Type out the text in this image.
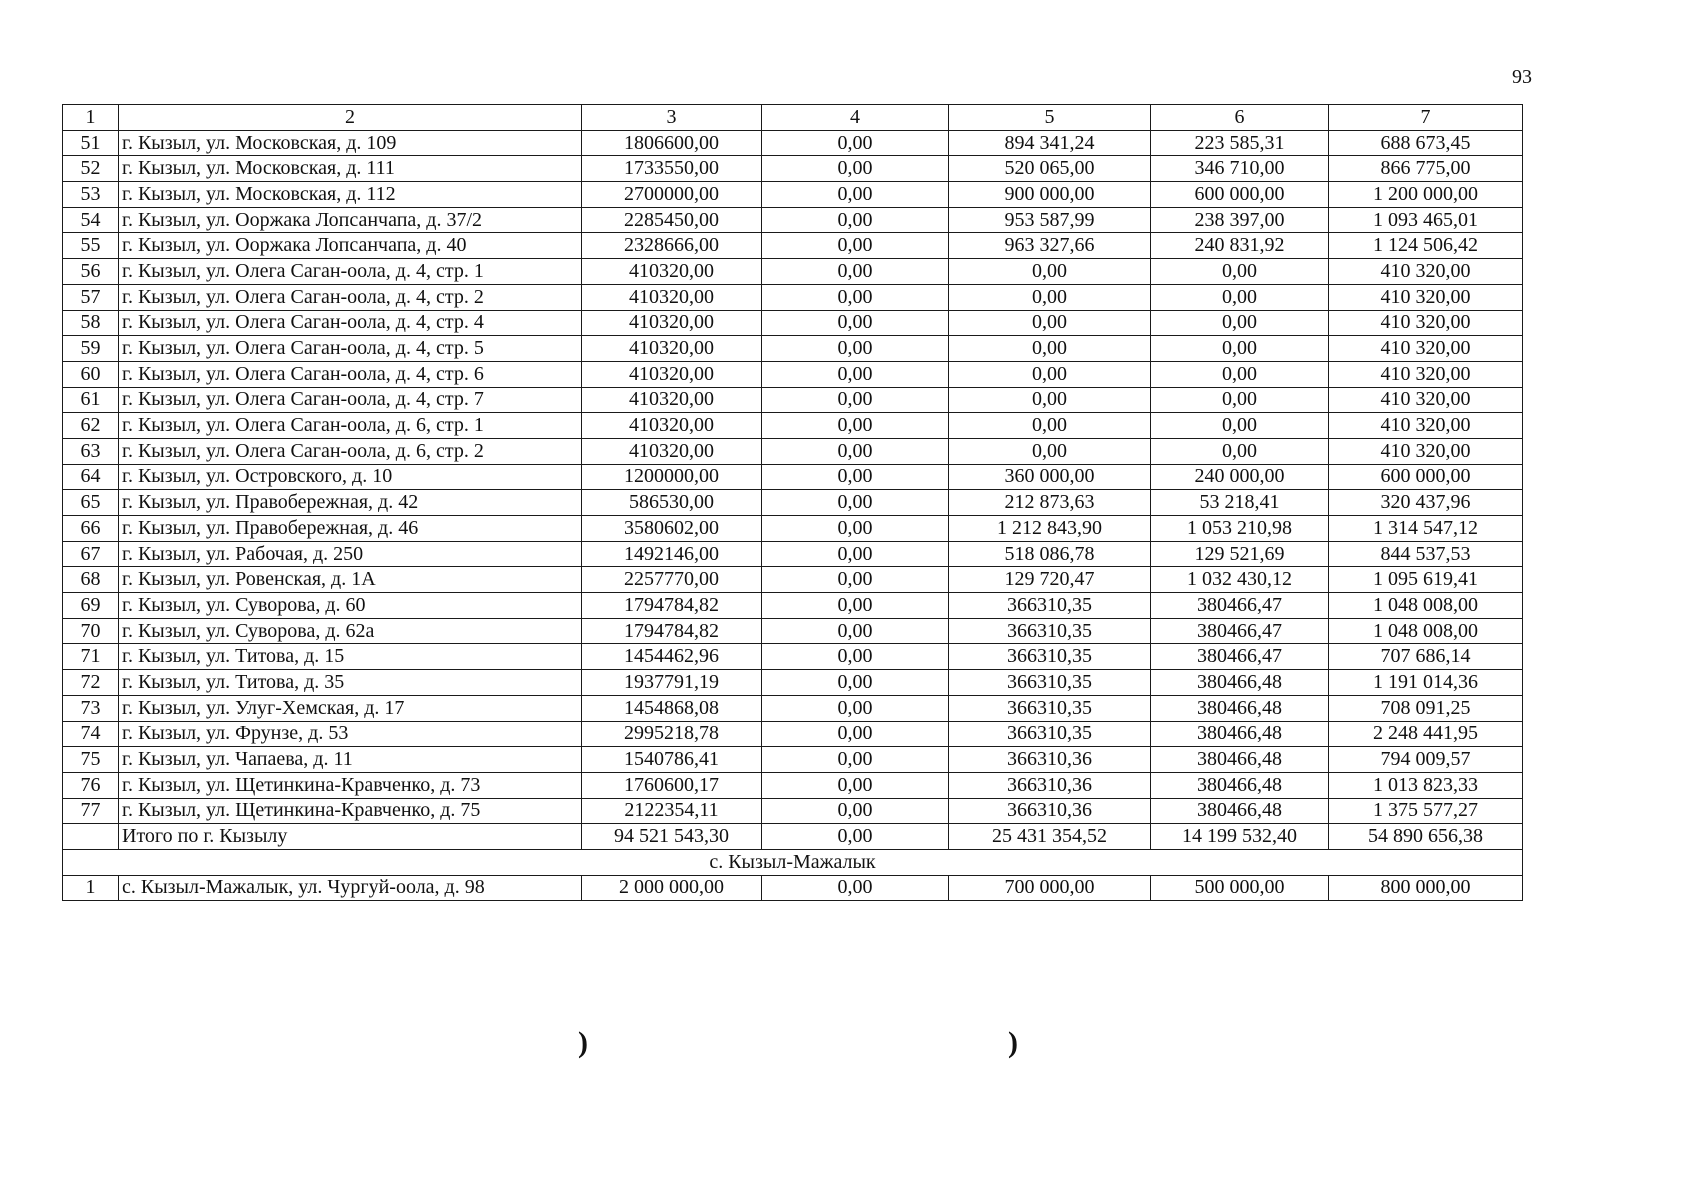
93
1	2	3	4	5	6	7
51	г. Кызыл, ул. Московская, д. 109	1806600,00	0,00	894 341,24	223 585,31	688 673,45
52	г. Кызыл, ул. Московская, д. 111	1733550,00	0,00	520 065,00	346 710,00	866 775,00
53	г. Кызыл, ул. Московская, д. 112	2700000,00	0,00	900 000,00	600 000,00	1 200 000,00
54	г. Кызыл, ул. Ооржака Лопсанчапа, д. 37/2	2285450,00	0,00	953 587,99	238 397,00	1 093 465,01
55	г. Кызыл, ул. Ооржака Лопсанчапа, д. 40	2328666,00	0,00	963 327,66	240 831,92	1 124 506,42
56	г. Кызыл, ул. Олега Саган-оола, д. 4, стр. 1	410320,00	0,00	0,00	0,00	410 320,00
57	г. Кызыл, ул. Олега Саган-оола, д. 4, стр. 2	410320,00	0,00	0,00	0,00	410 320,00
58	г. Кызыл, ул. Олега Саган-оола, д. 4, стр. 4	410320,00	0,00	0,00	0,00	410 320,00
59	г. Кызыл, ул. Олега Саган-оола, д. 4, стр. 5	410320,00	0,00	0,00	0,00	410 320,00
60	г. Кызыл, ул. Олега Саган-оола, д. 4, стр. 6	410320,00	0,00	0,00	0,00	410 320,00
61	г. Кызыл, ул. Олега Саган-оола, д. 4, стр. 7	410320,00	0,00	0,00	0,00	410 320,00
62	г. Кызыл, ул. Олега Саган-оола, д. 6, стр. 1	410320,00	0,00	0,00	0,00	410 320,00
63	г. Кызыл, ул. Олега Саган-оола, д. 6, стр. 2	410320,00	0,00	0,00	0,00	410 320,00
64	г. Кызыл, ул. Островского, д. 10	1200000,00	0,00	360 000,00	240 000,00	600 000,00
65	г. Кызыл, ул. Правобережная, д. 42	586530,00	0,00	212 873,63	53 218,41	320 437,96
66	г. Кызыл, ул. Правобережная, д. 46	3580602,00	0,00	1 212 843,90	1 053 210,98	1 314 547,12
67	г. Кызыл, ул. Рабочая, д. 250	1492146,00	0,00	518 086,78	129 521,69	844 537,53
68	г. Кызыл, ул. Ровенская, д. 1А	2257770,00	0,00	129 720,47	1 032 430,12	1 095 619,41
69	г. Кызыл, ул. Суворова, д. 60	1794784,82	0,00	366310,35	380466,47	1 048 008,00
70	г. Кызыл, ул. Суворова, д. 62а	1794784,82	0,00	366310,35	380466,47	1 048 008,00
71	г. Кызыл, ул. Титова, д. 15	1454462,96	0,00	366310,35	380466,47	707 686,14
72	г. Кызыл, ул. Титова, д. 35	1937791,19	0,00	366310,35	380466,48	1 191 014,36
73	г. Кызыл, ул. Улуг-Хемская, д. 17	1454868,08	0,00	366310,35	380466,48	708 091,25
74	г. Кызыл, ул. Фрунзе, д. 53	2995218,78	0,00	366310,35	380466,48	2 248 441,95
75	г. Кызыл, ул. Чапаева, д. 11	1540786,41	0,00	366310,36	380466,48	794 009,57
76	г. Кызыл, ул. Щетинкина-Кравченко, д. 73	1760600,17	0,00	366310,36	380466,48	1 013 823,33
77	г. Кызыл, ул. Щетинкина-Кравченко, д. 75	2122354,11	0,00	366310,36	380466,48	1 375 577,27
	Итого по г. Кызылу	94 521 543,30	0,00	25 431 354,52	14 199 532,40	54 890 656,38
с. Кызыл-Мажалык						
1	с. Кызыл-Мажалык, ул. Чургуй-оола, д. 98	2 000 000,00	0,00	700 000,00	500 000,00	800 000,00
)	)
